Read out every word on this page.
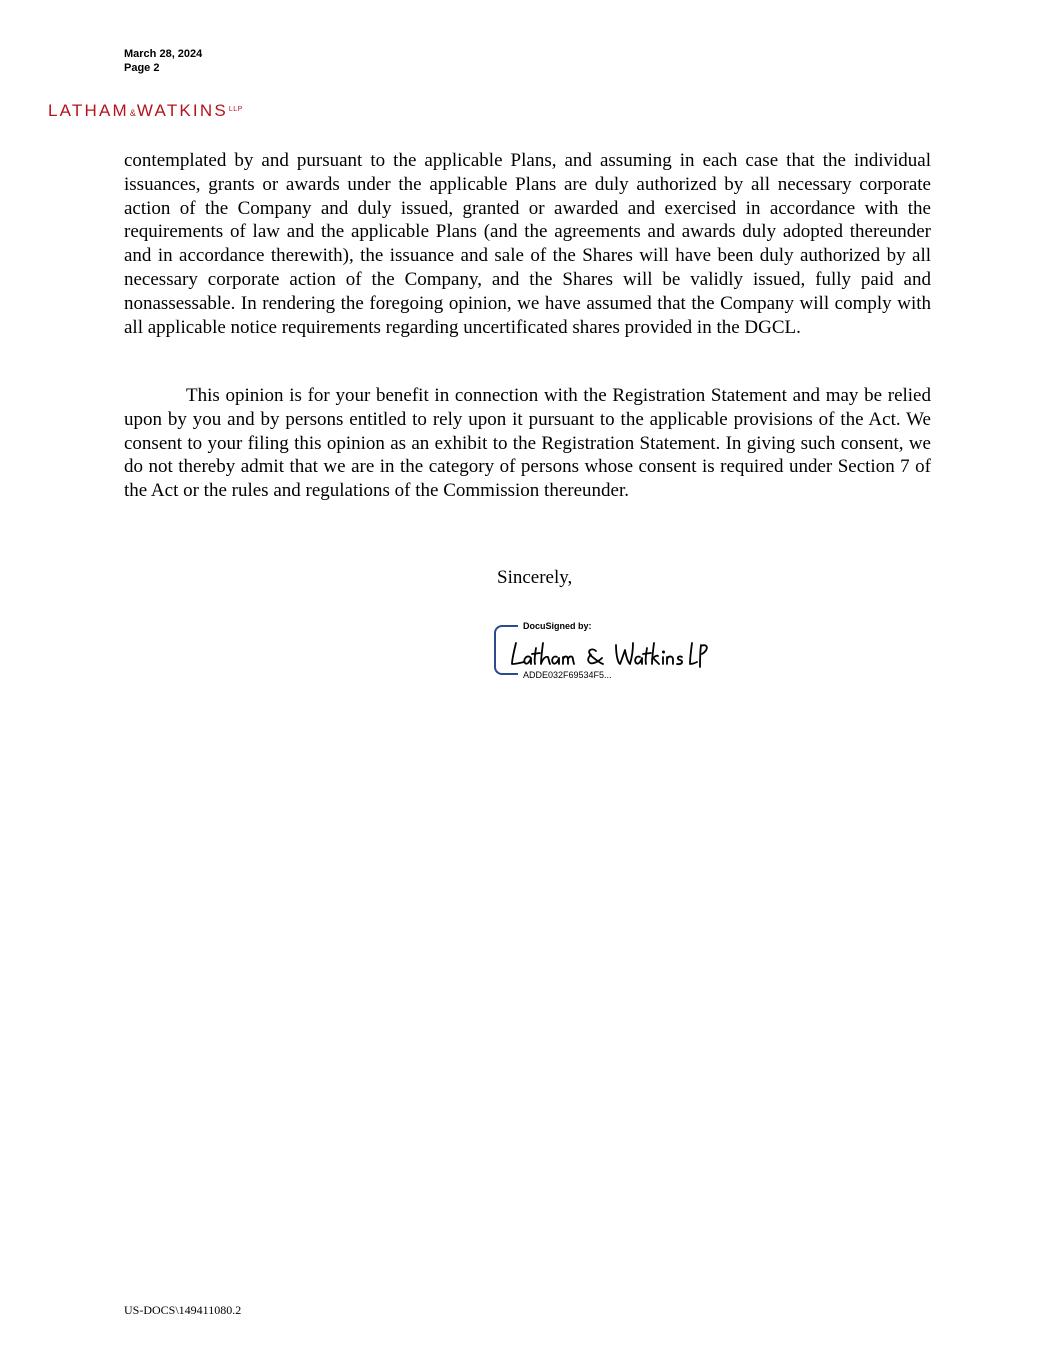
March 28, 2024
Page 2
$LATHAM\&WATKINS^{LLP}$

contemplated by and pursuant to the applicable Plans, and assuming in each case that the individual issuances, grants or awards under the applicable Plans are duly authorized by all necessary corporate action of the Company and duly issued, granted or awarded and exercised in accordance with the requirements of law and the applicable Plans (and the agreements and awards duly adopted thereunder and in accordance therewith), the issuance and sale of the Shares will have been duly authorized by all necessary corporate action of the Company, and the Shares will be validly issued, fully paid and nonassessable. In rendering the foregoing opinion, we have assumed that the Company will comply with all applicable notice requirements regarding uncertificated shares provided in the DGCL.

This opinion is for your benefit in connection with the Registration Statement and may be relied upon by you and by persons entitled to rely upon it pursuant to the applicable provisions of the Act. We consent to your filing this opinion as an exhibit to the Registration Statement. In giving such consent, we do not thereby admit that we are in the category of persons whose consent is required under Section 7 of the Act or the rules and regulations of the Commission thereunder.

Sincerely,
DocuSigned by:
ADDE032F69534F5...
US-DOCS\149411080.2
